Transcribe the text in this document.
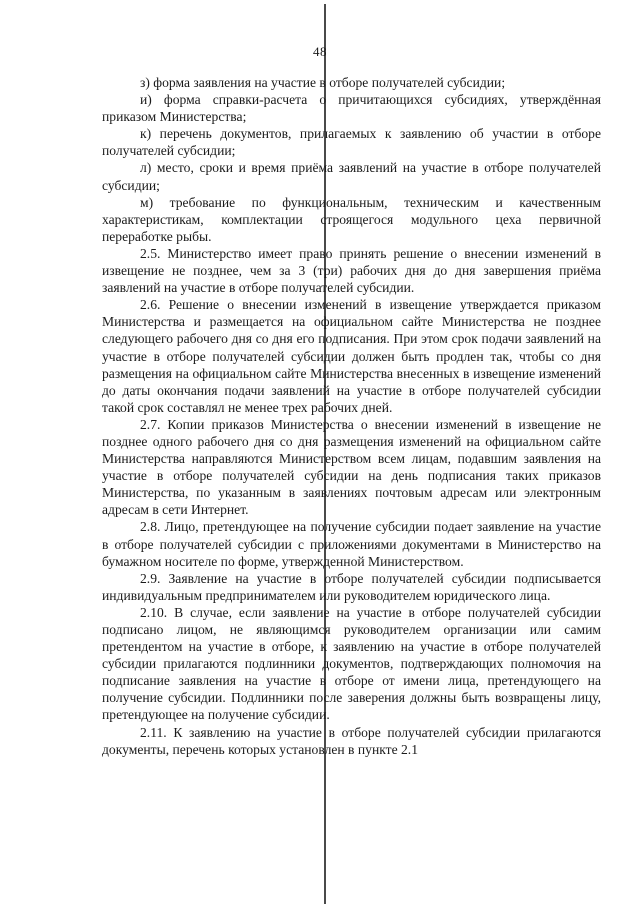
48

з) форма заявления на участие в отборе получателей субсидии;

и) форма справки-расчета о причитающихся субсидиях, утверждённая приказом Министерства;

к) перечень документов, прилагаемых к заявлению об участии в отборе получателей субсидии;

л) место, сроки и время приёма заявлений на участие в отборе получателей субсидии;

м) требование по функциональным, техническим и качественным характеристикам, комплектации строящегося модульного цеха первичной переработке рыбы.

2.5. Министерство имеет право принять решение о внесении изменений в извещение не позднее, чем за 3 (три) рабочих дня до дня завершения приёма заявлений на участие в отборе получателей субсидии.

2.6. Решение о внесении изменений в извещение утверждается приказом Министерства и размещается на официальном сайте Министерства не позднее следующего рабочего дня со дня его подписания. При этом срок подачи заявлений на участие в отборе получателей субсидии должен быть продлен так, чтобы со дня размещения на официальном сайте Министерства внесенных в извещение изменений до даты окончания подачи заявлений на участие в отборе получателей субсидии такой срок составлял не менее трех рабочих дней.

2.7. Копии приказов Министерства о внесении изменений в извещение не позднее одного рабочего дня со дня размещения изменений на официальном сайте Министерства направляются Министерством всем лицам, подавшим заявления на участие в отборе получателей субсидии на день подписания таких приказов Министерства, по указанным в заявлениях почтовым адресам или электронным адресам в сети Интернет.

2.8. Лицо, претендующее на получение субсидии подает заявление на участие в отборе получателей субсидии с приложениями документами в Министерство на бумажном носителе по форме, утвержденной Министерством.

2.9. Заявление на участие в отборе получателей субсидии подписывается индивидуальным предпринимателем или руководителем юридического лица.

2.10. В случае, если заявление на участие в отборе получателей субсидии подписано лицом, не являющимся руководителем организации или самим претендентом на участие в отборе, к заявлению на участие в отборе получателей субсидии прилагаются подлинники документов, подтверждающих полномочия на подписание заявления на участие в отборе от имени лица, претендующего на получение субсидии. Подлинники после заверения должны быть возвращены лицу, претендующее на получение субсидии.

2.11. К заявлению на участие в отборе получателей субсидии прилагаются документы, перечень которых установлен в пункте 2.1
